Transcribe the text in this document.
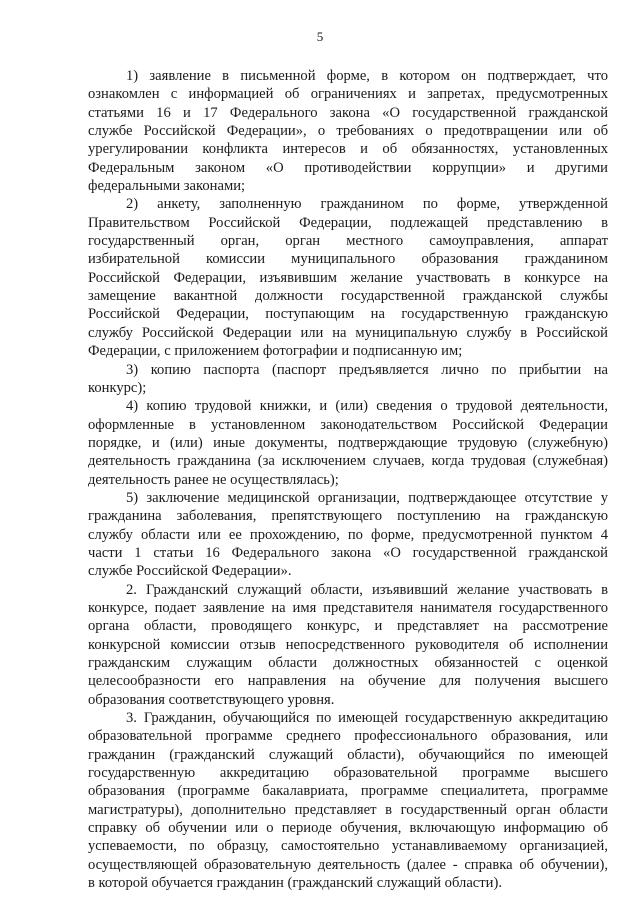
5
1) заявление в письменной форме, в котором он подтверждает, что
ознакомлен с информацией об ограничениях и запретах, предусмотренных
статьями 16 и 17 Федерального закона «О государственной гражданской
службе Российской Федерации», о требованиях о предотвращении или об
урегулировании конфликта интересов и об обязанностях, установленных
Федеральным законом «О противодействии коррупции» и другими
федеральными законами;
2) анкету, заполненную гражданином по форме, утвержденной
Правительством Российской Федерации, подлежащей представлению в
государственный орган, орган местного самоуправления, аппарат
избирательной комиссии муниципального образования гражданином
Российской Федерации, изъявившим желание участвовать в конкурсе на
замещение вакантной должности государственной гражданской службы
Российской Федерации, поступающим на государственную гражданскую
службу Российской Федерации или на муниципальную службу в Российской
Федерации, с приложением фотографии и подписанную им;
3) копию паспорта (паспорт предъявляется лично по прибытии на
конкурс);
4) копию трудовой книжки, и (или) сведения о трудовой деятельности,
оформленные в установленном законодательством Российской Федерации
порядке, и (или) иные документы, подтверждающие трудовую (служебную)
деятельность гражданина (за исключением случаев, когда трудовая (служебная)
деятельность ранее не осуществлялась);
5) заключение медицинской организации, подтверждающее отсутствие у
гражданина заболевания, препятствующего поступлению на гражданскую
службу области или ее прохождению, по форме, предусмотренной пунктом 4
части 1 статьи 16 Федерального закона «О государственной гражданской
службе Российской Федерации».
2. Гражданский служащий области, изъявивший желание участвовать в
конкурсе, подает заявление на имя представителя нанимателя государственного
органа области, проводящего конкурс, и представляет на рассмотрение
конкурсной комиссии отзыв непосредственного руководителя об исполнении
гражданским служащим области должностных обязанностей с оценкой
целесообразности его направления на обучение для получения высшего
образования соответствующего уровня.
3. Гражданин, обучающийся по имеющей государственную аккредитацию
образовательной программе среднего профессионального образования, или
гражданин (гражданский служащий области), обучающийся по имеющей
государственную аккредитацию образовательной программе высшего
образования (программе бакалавриата, программе специалитета, программе
магистратуры), дополнительно представляет в государственный орган области
справку об обучении или о периоде обучения, включающую информацию об
успеваемости, по образцу, самостоятельно устанавливаемому организацией,
осуществляющей образовательную деятельность (далее - справка об обучении),
в которой обучается гражданин (гражданский служащий области).
